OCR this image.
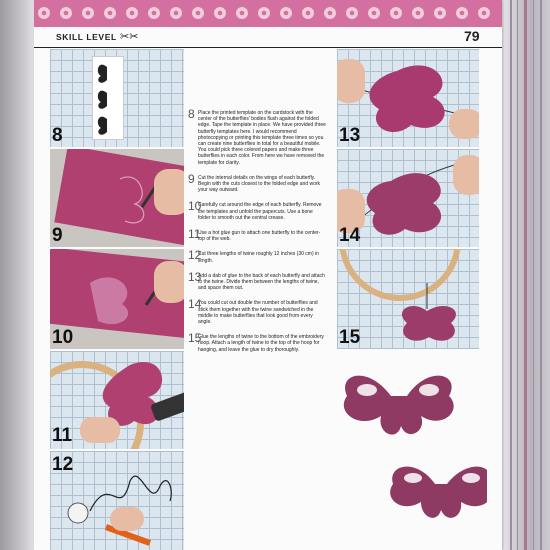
SKILL LEVEL ✂✂	79
8
9
10
11
12
8 Place the printed template on the cardstock with the center of the butterflies' bodies flush against the folded edge. Tape the template in place. We have provided three butterfly templates here. I would recommend photocopying or printing this template three times so you can create nine butterflies in total for a beautiful mobile. You could pick three colored papers and make three butterflies in each color. From here we have removed the template for clarity.
9 Cut the internal details on the wings of each butterfly. Begin with the cuts closest to the folded edge and work your way outward.
10
Carefully cut around the edge of each butterfly. Remove the templates and unfold the papercuts. Use a bone folder to smooth out the central crease.
11
Use a hot glue gun to attach one butterfly to the center-top of the web.
12
Cut three lengths of twine roughly 12 inches (30 cm) in length.
13
Add a dab of glue to the back of each butterfly and attach to the twine. Divide them between the lengths of twine, and space them out.
14
You could cut out double the number of butterflies and stick them together with the twine sandwiched in the middle to make butterflies that look good from every angle.
15
Glue the lengths of twine to the bottom of the embroidery hoop. Attach a length of twine to the top of the hoop for hanging, and leave the glue to dry thoroughly.
13
14
15
